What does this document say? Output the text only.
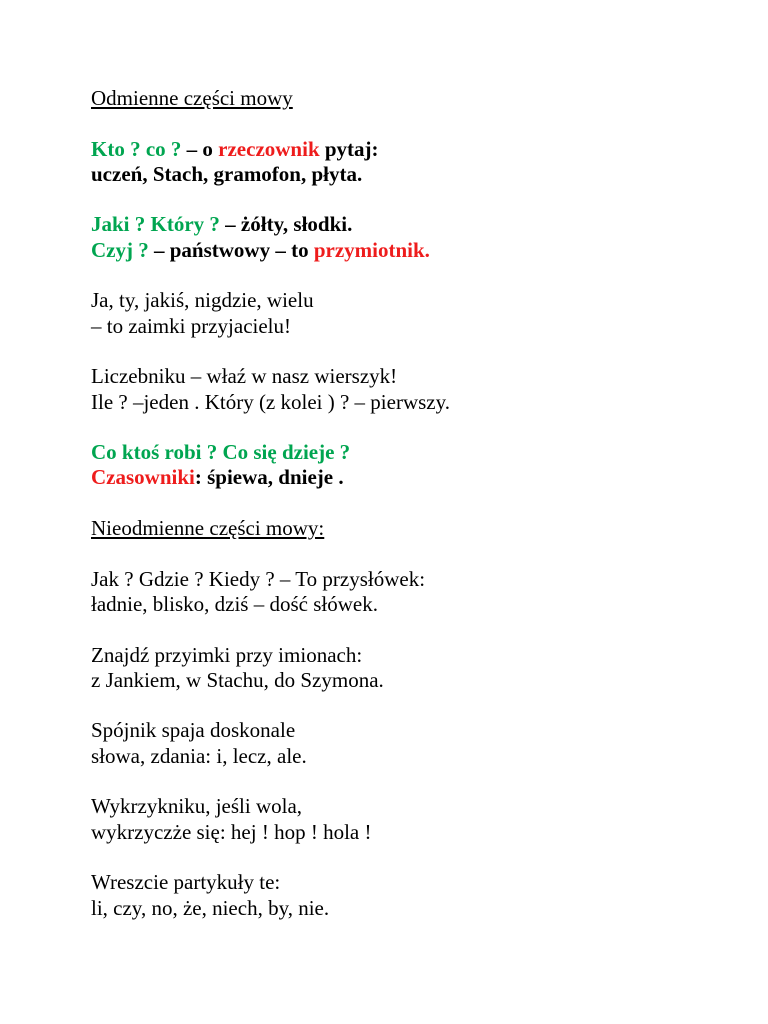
Odmienne części mowy
Kto ? co ? – o rzeczownik pytaj:
uczeń, Stach, gramofon, płyta.
Jaki ? Który ? – żółty, słodki.
Czyj ? – państwowy – to przymiotnik.
Ja, ty, jakiś, nigdzie, wielu
– to zaimki przyjacielu!
Liczebniku – właź w nasz wierszyk!
Ile ? –jeden . Który (z kolei ) ? – pierwszy.
Co ktoś robi ? Co się dzieje ?
Czasowniki: śpiewa, dnieje .
Nieodmienne części mowy:
Jak ? Gdzie ? Kiedy ? – To przysłówek:
ładnie, blisko, dziś – dość słówek.
Znajdź przyimki przy imionach:
z Jankiem, w Stachu, do Szymona.
Spójnik spaja doskonale
słowa, zdania: i, lecz, ale.
Wykrzykniku, jeśli wola,
wykrzyczże się: hej ! hop ! hola !
Wreszcie partykuły te:
li, czy, no, że, niech, by, nie.
